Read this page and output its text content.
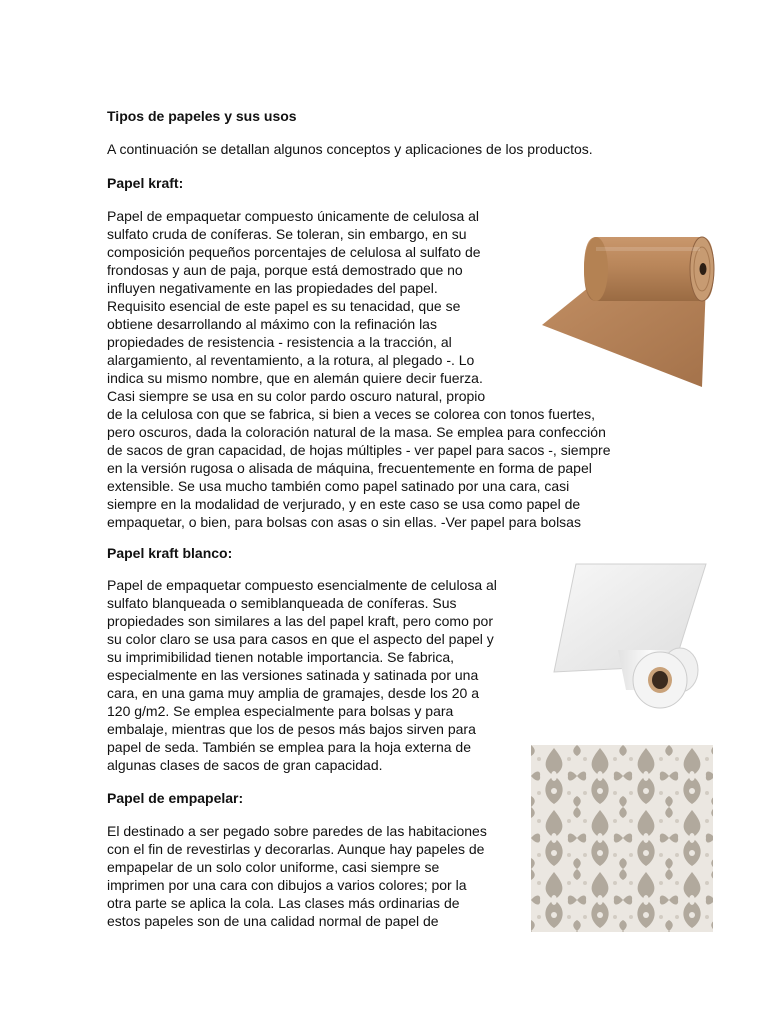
Tipos de papeles y sus usos

A continuación se detallan algunos conceptos y aplicaciones de los productos.

Papel kraft:

Papel de empaquetar compuesto únicamente de celulosa al
sulfato cruda de coníferas. Se toleran, sin embargo, en su
composición pequeños porcentajes de celulosa al sulfato de
frondosas y aun de paja, porque está demostrado que no
influyen negativamente en las propiedades del papel.
Requisito esencial de este papel es su tenacidad, que se
obtiene desarrollando al máximo con la refinación las
propiedades de resistencia - resistencia a la tracción, al
alargamiento, al reventamiento, a la rotura, al plegado -. Lo
indica su mismo nombre, que en alemán quiere decir fuerza.
Casi siempre se usa en su color pardo oscuro natural, propio
de la celulosa con que se fabrica, si bien a veces se colorea con tonos fuertes,
pero oscuros, dada la coloración natural de la masa. Se emplea para confección
de sacos de gran capacidad, de hojas múltiples - ver papel para sacos -, siempre
en la versión rugosa o alisada de máquina, frecuentemente en forma de papel
extensible. Se usa mucho también como papel satinado por una cara, casi
siempre en la modalidad de verjurado, y en este caso se usa como papel de
empaquetar, o bien, para bolsas con asas o sin ellas. -Ver papel para bolsas

Papel kraft blanco:

Papel de empaquetar compuesto esencialmente de celulosa al
sulfato blanqueada o semiblanqueada de coníferas. Sus
propiedades son similares a las del papel kraft, pero como por
su color claro se usa para casos en que el aspecto del papel y
su imprimibilidad tienen notable importancia. Se fabrica,
especialmente en las versiones satinada y satinada por una
cara, en una gama muy amplia de gramajes, desde los 20 a
120 g/m2. Se emplea especialmente para bolsas y para
embalaje, mientras que los de pesos más bajos sirven para
papel de seda. También se emplea para la hoja externa de
algunas clases de sacos de gran capacidad.

Papel de empapelar:

El destinado a ser pegado sobre paredes de las habitaciones
con el fin de revestirlas y decorarlas. Aunque hay papeles de
empapelar de un solo color uniforme, casi siempre se
imprimen por una cara con dibujos a varios colores; por la
otra parte se aplica la cola. Las clases más ordinarias de
estos papeles son de una calidad normal de papel de
